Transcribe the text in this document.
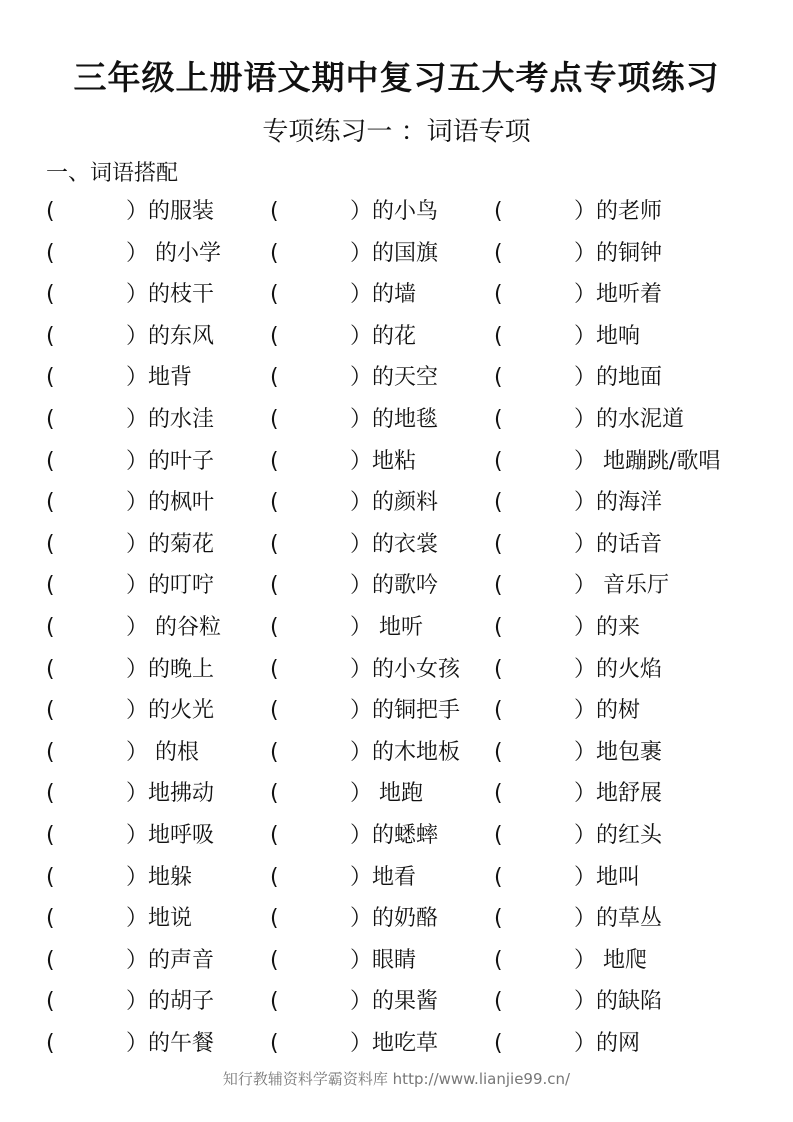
三年级上册语文期中复习五大考点专项练习
专项练习一 ：词语专项
一、词语搭配
(	）的服装	(	）的小鸟	(	）的老师
(	） 的小学 (	）的国旗	(	）的铜钟
(	）的枝干	(	）的墙	(	）地听着
(	）的东风	(	）的花	(	）地响
(	）地背	(	）的天空	(	）的地面
(	）的水洼	(	）的地毯	(	）的水泥道
(	）的叶子	(	）地粘	(	） 地蹦跳/歌唱
(	）的枫叶	(	）的颜料	(	）的海洋
(	）的菊花	(	）的衣裳	(	）的话音
(	）的叮咛	(	）的歌吟	(	） 音乐厅
(	） 的谷粒 (	） 地听	(	）的来
(	）的晚上	(	）的小女孩 (	）的火焰
(	）的火光	(	）的铜把手 (	）的树
(	） 的根	(	）的木地板 (	）地包裹
(	）地拂动	(	） 地跑	(	）地舒展
(	）地呼吸	(	）的蟋蟀	(	）的红头
(	）地躲	(	）地看	(	）地叫
(	）地说	(	）的奶酪	(	）的草丛
(	）的声音	(	）眼睛	(	） 地爬
(	）的胡子	(	）的果酱	(	）的缺陷
(	）的午餐	(	）地吃草	(	）的网
知行教辅资料学霸资料库 http://www.lianjie99.cn/
